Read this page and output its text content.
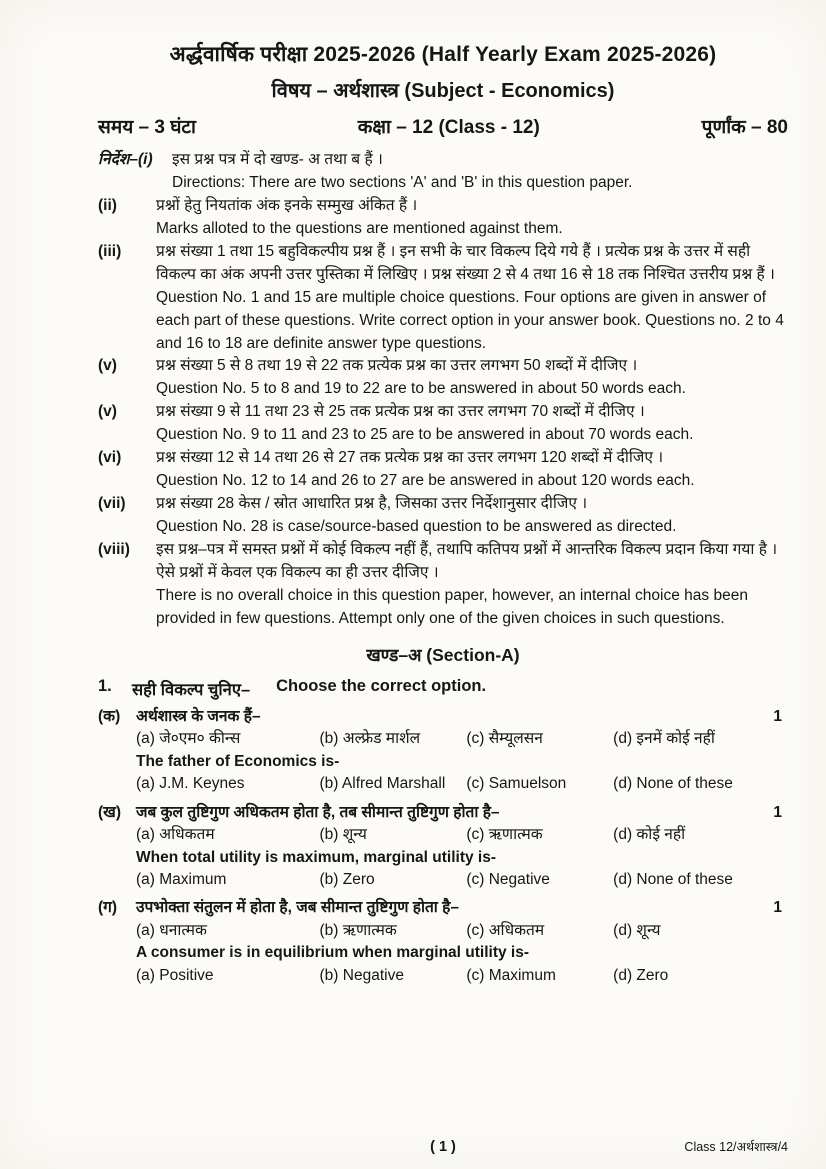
अर्द्धवार्षिक परीक्षा 2025-2026 (Half Yearly Exam 2025-2026)
विषय – अर्थशास्त्र (Subject - Economics)
समय – 3 घंटा	कक्षा – 12 (Class - 12)	पूर्णांक – 80
निर्देश–(i)	इस प्रश्न पत्र में दो खण्ड- अ तथा ब हैं ।

Directions: There are two sections 'A' and 'B' in this question paper.

(ii)	प्रश्नों हेतु नियतांक अंक इनके सम्मुख अंकित हैं ।

Marks alloted to the questions are mentioned against them.

(iii)	प्रश्न संख्या 1 तथा 15 बहुविकल्पीय प्रश्न हैं । इन सभी के चार विकल्प दिये गये हैं । प्रत्येक प्रश्न के उत्तर में सही विकल्प का अंक अपनी उत्तर पुस्तिका में लिखिए । प्रश्न संख्या 2 से 4 तथा 16 से 18 तक निश्चित उत्तरीय प्रश्न हैं ।

Question No. 1 and 15 are multiple choice questions. Four options are given in answer of each part of these questions. Write correct option in your answer book. Questions no. 2 to 4 and 16 to 18 are definite answer type questions.

(v)	प्रश्न संख्या 5 से 8 तथा 19 से 22 तक प्रत्येक प्रश्न का उत्तर लगभग 50 शब्दों में दीजिए ।

Question No. 5 to 8 and 19 to 22 are to be answered in about 50 words each.

(v)	प्रश्न संख्या 9 से 11 तथा 23 से 25 तक प्रत्येक प्रश्न का उत्तर लगभग 70 शब्दों में दीजिए ।

Question No. 9 to 11 and 23 to 25 are to be answered in about 70 words each.

(vi)	प्रश्न संख्या 12 से 14 तथा 26 से 27 तक प्रत्येक प्रश्न का उत्तर लगभग 120 शब्दों में दीजिए ।

Question No. 12 to 14 and 26 to 27 are be answered in about 120 words each.

(vii)	प्रश्न संख्या 28 केस / स्रोत आधारित प्रश्न है, जिसका उत्तर निर्देशानुसार दीजिए ।

Question No. 28 is case/source-based question to be answered as directed.

(viii)	इस प्रश्न–पत्र में समस्त प्रश्नों में कोई विकल्प नहीं हैं, तथापि कतिपय प्रश्नों में आन्तरिक विकल्प प्रदान किया गया है । ऐसे प्रश्नों में केवल एक विकल्प का ही उत्तर दीजिए ।

There is no overall choice in this question paper, however, an internal choice has been provided in few questions. Attempt only one of the given choices in such questions.

खण्ड–अ (Section-A)
1.	सही विकल्प चुनिए– Choose the correct option.
(क)	अर्थशास्त्र के जनक हैं–	1
(a) जे०एम० कीन्स	(b) अल्फ्रेड मार्शल	(c) सैम्यूलसन	(d) इनमें कोई नहीं
The father of Economics is-
(a) J.M. Keynes	(b) Alfred Marshall	(c) Samuelson	(d) None of these
(ख) जब कुल तुष्टिगुण अधिकतम होता है, तब सीमान्त तुष्टिगुण होता है–	1
(a) अधिकतम	(b) शून्य	(c) ऋणात्मक	(d) कोई नहीं
When total utility is maximum, marginal utility is-
(a) Maximum	(b) Zero	(c) Negative	(d) None of these
(ग)	उपभोक्ता संतुलन में होता है, जब सीमान्त तुष्टिगुण होता है–	1
(a) धनात्मक	(b) ऋणात्मक	(c) अधिकतम	(d) शून्य
A consumer is in equilibrium when marginal utility is-
(a) Positive	(b) Negative	(c) Maximum	(d) Zero
( 1 )	Class 12/अर्थशास्त्र/4
